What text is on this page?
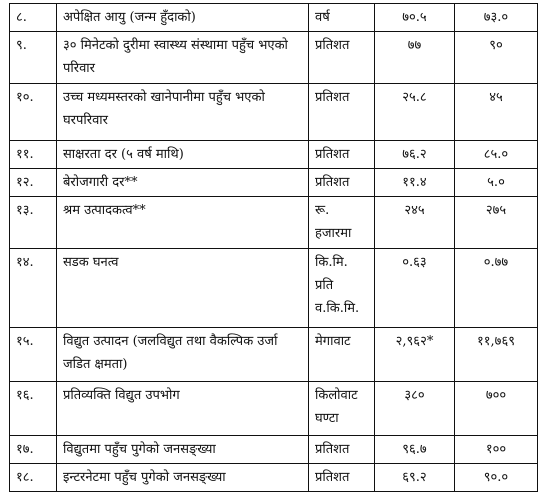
८.	अपेक्षित आयु (जन्म हुँदाको)	वर्ष	७०.५	७३.०
९.	३० मिनेटको दुरीमा स्वास्थ्य संस्थामा पहुँच भएको परिवार	प्रतिशत	७७	९०
१०.	उच्च मध्यमस्तरको खानेपानीमा पहुँच भएको घरपरिवार	प्रतिशत	२५.८	४५
११.	साक्षरता दर (५ वर्ष माथि)	प्रतिशत	७६.२	८५.०
१२.	बेरोजगारी दर**	प्रतिशत	११.४	५.०
१३.	श्रम उत्पादकत्व**	रू. हजारमा	२४५	२७५
१४.	सडक घनत्व	कि.मि. प्रति व.कि.मि.	०.६३	०.७७
१५.	विद्युत उत्पादन (जलविद्युत तथा वैकल्पिक उर्जा जडित क्षमता)	मेगावाट	२,९६२*	११,७६९
१६.	प्रतिव्यक्ति विद्युत उपभोग	किलोवाट घण्टा	३८०	७००
१७.	विद्युतमा पहुँच पुगेको जनसङ्ख्या	प्रतिशत	९६.७	१००
१८.	इन्टरनेटमा पहुँच पुगेको जनसङ्ख्या	प्रतिशत	६९.२	९०.०
